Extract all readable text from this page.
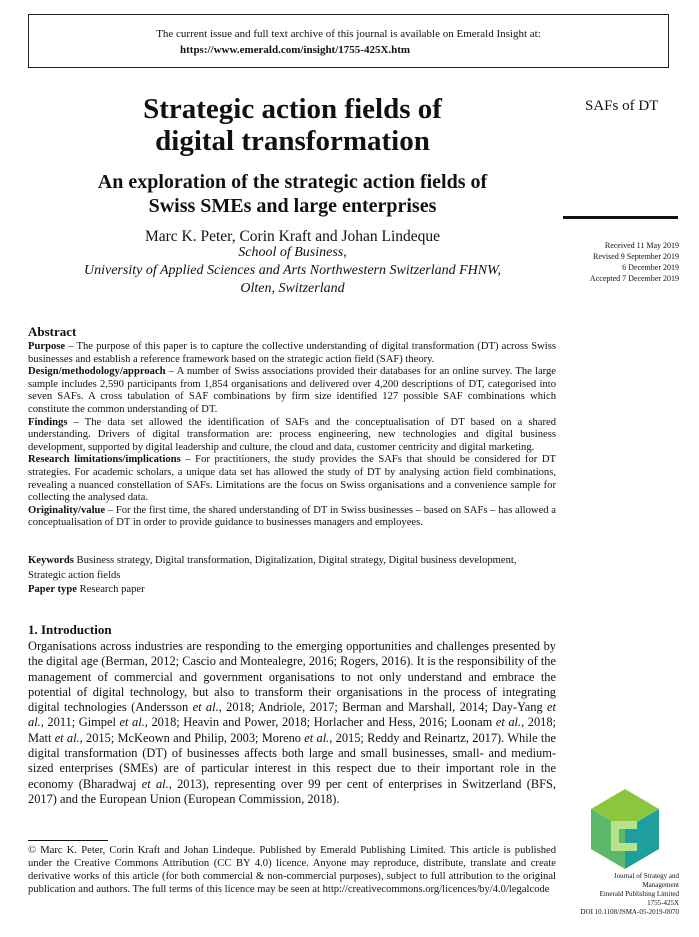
The current issue and full text archive of this journal is available on Emerald Insight at:
https://www.emerald.com/insight/1755-425X.htm
Strategic action fields of
digital transformation
An exploration of the strategic action fields of
Swiss SMEs and large enterprises
Marc K. Peter, Corin Kraft and Johan Lindeque
School of Business,
University of Applied Sciences and Arts Northwestern Switzerland FHNW,
Olten, Switzerland
SAFs of DT
Received 11 May 2019
Revised 9 September 2019
6 December 2019
Accepted 7 December 2019
Abstract

Purpose – The purpose of this paper is to capture the collective understanding of digital transformation (DT) across Swiss businesses and establish a reference framework based on the strategic action field (SAF) theory.

Design/methodology/approach – A number of Swiss associations provided their databases for an online survey. The large sample includes 2,590 participants from 1,854 organisations and delivered over 4,200 descriptions of DT, categorised into seven SAFs. A cross tabulation of SAF combinations by firm size identified 127 possible SAF combinations which constitute the common understanding of DT.

Findings – The data set allowed the identification of SAFs and the conceptualisation of DT based on a shared understanding. Drivers of digital transformation are: process engineering, new technologies and digital business development, supported by digital leadership and culture, the cloud and data, customer centricity and digital marketing.

Research limitations/implications – For practitioners, the study provides the SAFs that should be considered for DT strategies. For academic scholars, a unique data set has allowed the study of DT by analysing action field combinations, revealing a nuanced constellation of SAFs. Limitations are the focus on Swiss organisations and a convenience sample for collecting the analysed data.

Originality/value – For the first time, the shared understanding of DT in Swiss businesses – based on SAFs – has allowed a conceptualisation of DT in order to provide guidance to businesses managers and employees.

Keywords Business strategy, Digital transformation, Digitalization, Digital strategy, Digital business development, Strategic action fields
Paper type Research paper
1. Introduction
Organisations across industries are responding to the emerging opportunities and challenges presented by the digital age (Berman, 2012; Cascio and Montealegre, 2016; Rogers, 2016). It is the responsibility of the management of commercial and government organisations to not only understand and embrace the potential of digital technology, but also to transform their organisations in the process of integrating digital technologies (Andersson et al., 2018; Andriole, 2017; Berman and Marshall, 2014; Day-Yang et al., 2011; Gimpel et al., 2018; Heavin and Power, 2018; Horlacher and Hess, 2016; Loonam et al., 2018; Matt et al., 2015; McKeown and Philip, 2003; Moreno et al., 2015; Reddy and Reinartz, 2017). While the digital transformation (DT) of businesses affects both large and small businesses, small- and medium-sized enterprises (SMEs) are of particular interest in this respect due to their important role in the economy (Bharadwaj et al., 2013), representing over 99 per cent of enterprises in Switzerland (BFS, 2017) and the European Union (European Commission, 2018).
© Marc K. Peter, Corin Kraft and Johan Lindeque. Published by Emerald Publishing Limited. This article is published under the Creative Commons Attribution (CC BY 4.0) licence. Anyone may reproduce, distribute, translate and create derivative works of this article (for both commercial & non-commercial purposes), subject to full attribution to the original publication and authors. The full terms of this licence may be seen at http://creativecommons.org/licences/by/4.0/legalcode
Journal of Strategy and
Management
Emerald Publishing Limited
1755-425X
DOI 10.1108/JSMA-05-2019-0070
